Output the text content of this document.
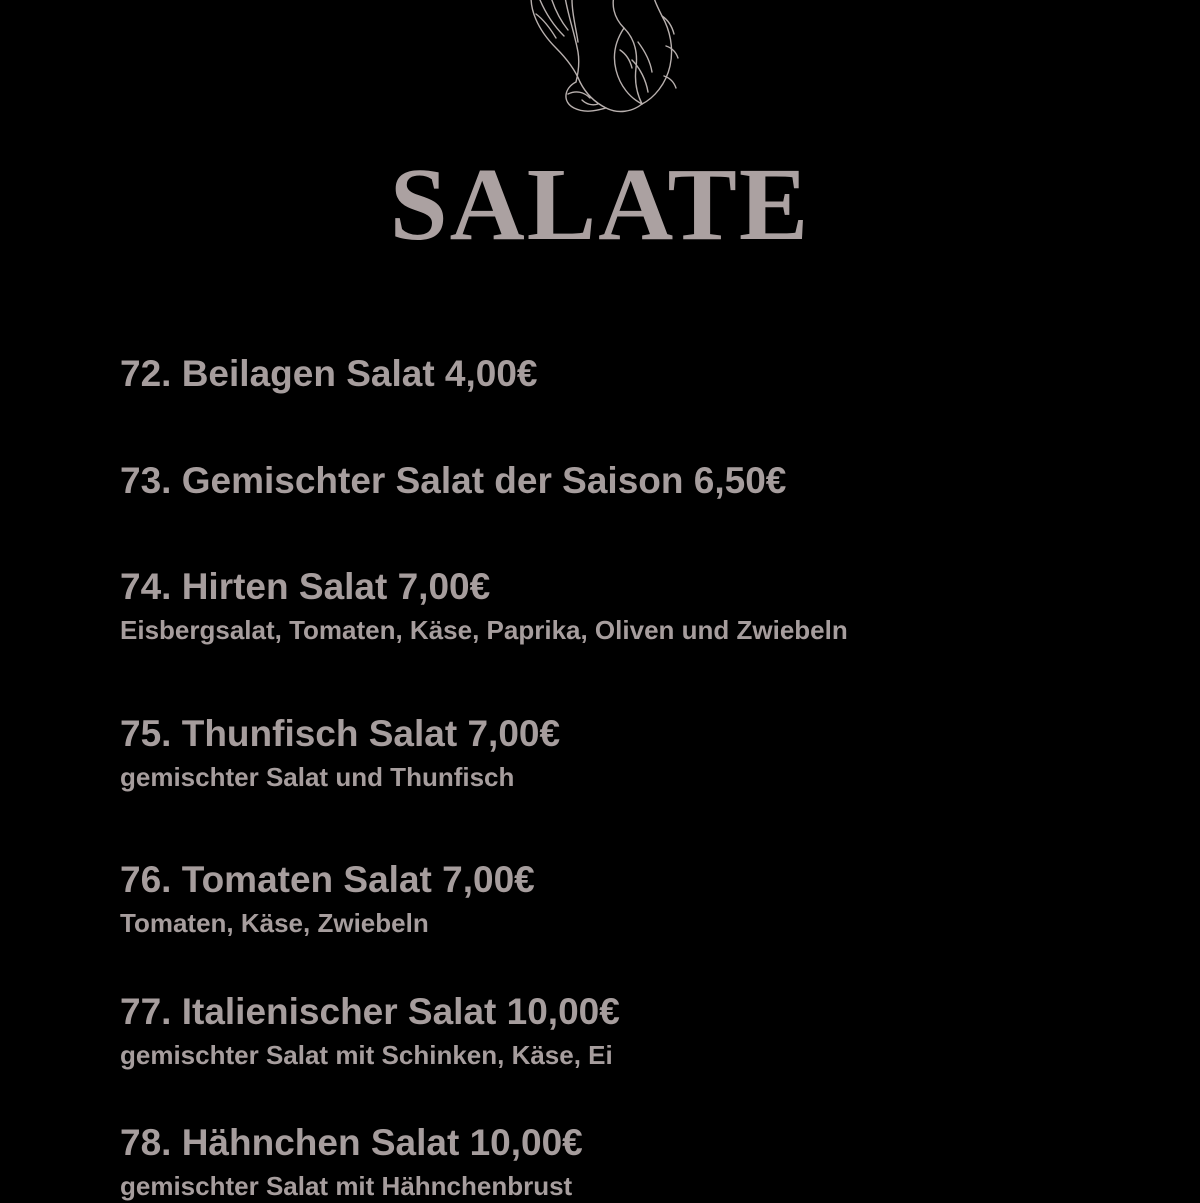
SALATE
72. Beilagen Salat 4,00€
73. Gemischter Salat der Saison 6,50€
74. Hirten Salat 7,00€
Eisbergsalat, Tomaten, Käse, Paprika, Oliven und Zwiebeln
75. Thunfisch Salat 7,00€
gemischter Salat und Thunfisch
76. Tomaten Salat 7,00€
Tomaten, Käse, Zwiebeln
77. Italienischer Salat 10,00€
gemischter Salat mit Schinken, Käse, Ei
78. Hähnchen Salat 10,00€
gemischter Salat mit Hähnchenbrust
